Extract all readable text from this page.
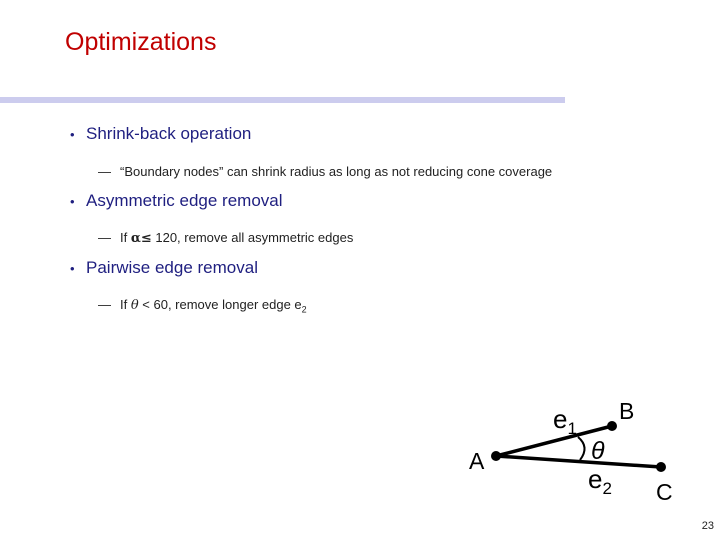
Optimizations
• Shrink-back operation
— “Boundary nodes” can shrink radius as long as not reducing cone coverage
• Asymmetric edge removal
— If α≤ 120, remove all asymmetric edges
• Pairwise edge removal
— If θ < 60, remove longer edge $e_2$
A
B
C
$e_1$
$e_2$
θ
23
